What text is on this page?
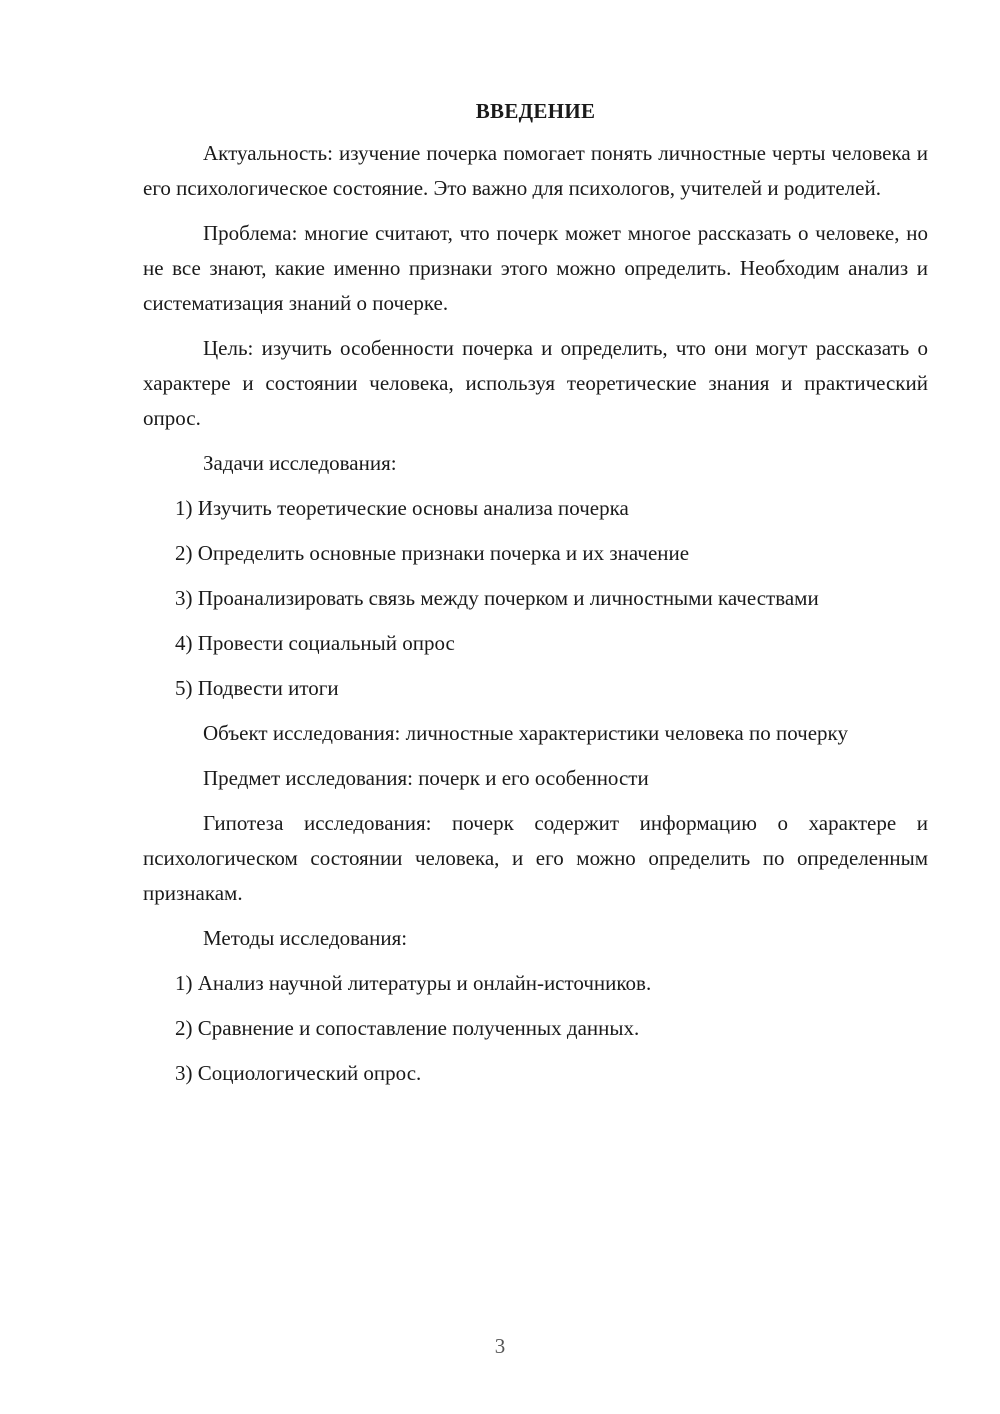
ВВЕДЕНИЕ

Актуальность: изучение почерка помогает понять личностные черты человека и его психологическое состояние. Это важно для психологов, учителей и родителей.

Проблема: многие считают, что почерк может многое рассказать о человеке, но не все знают, какие именно признаки этого можно определить. Необходим анализ и систематизация знаний о почерке.

Цель: изучить особенности почерка и определить, что они могут рассказать о характере и состоянии человека, используя теоретические знания и практический опрос.

Задачи исследования:

1) Изучить теоретические основы анализа почерка

2) Определить основные признаки почерка и их значение

3) Проанализировать связь между почерком и личностными качествами

4) Провести социальный опрос

5) Подвести итоги

Объект исследования: личностные характеристики человека по почерку

Предмет исследования: почерк и его особенности

Гипотеза исследования: почерк содержит информацию о характере и психологическом состоянии человека, и его можно определить по определенным признакам.

Методы исследования:

1) Анализ научной литературы и онлайн-источников.

2) Сравнение и сопоставление полученных данных.

3) Социологический опрос.

3
